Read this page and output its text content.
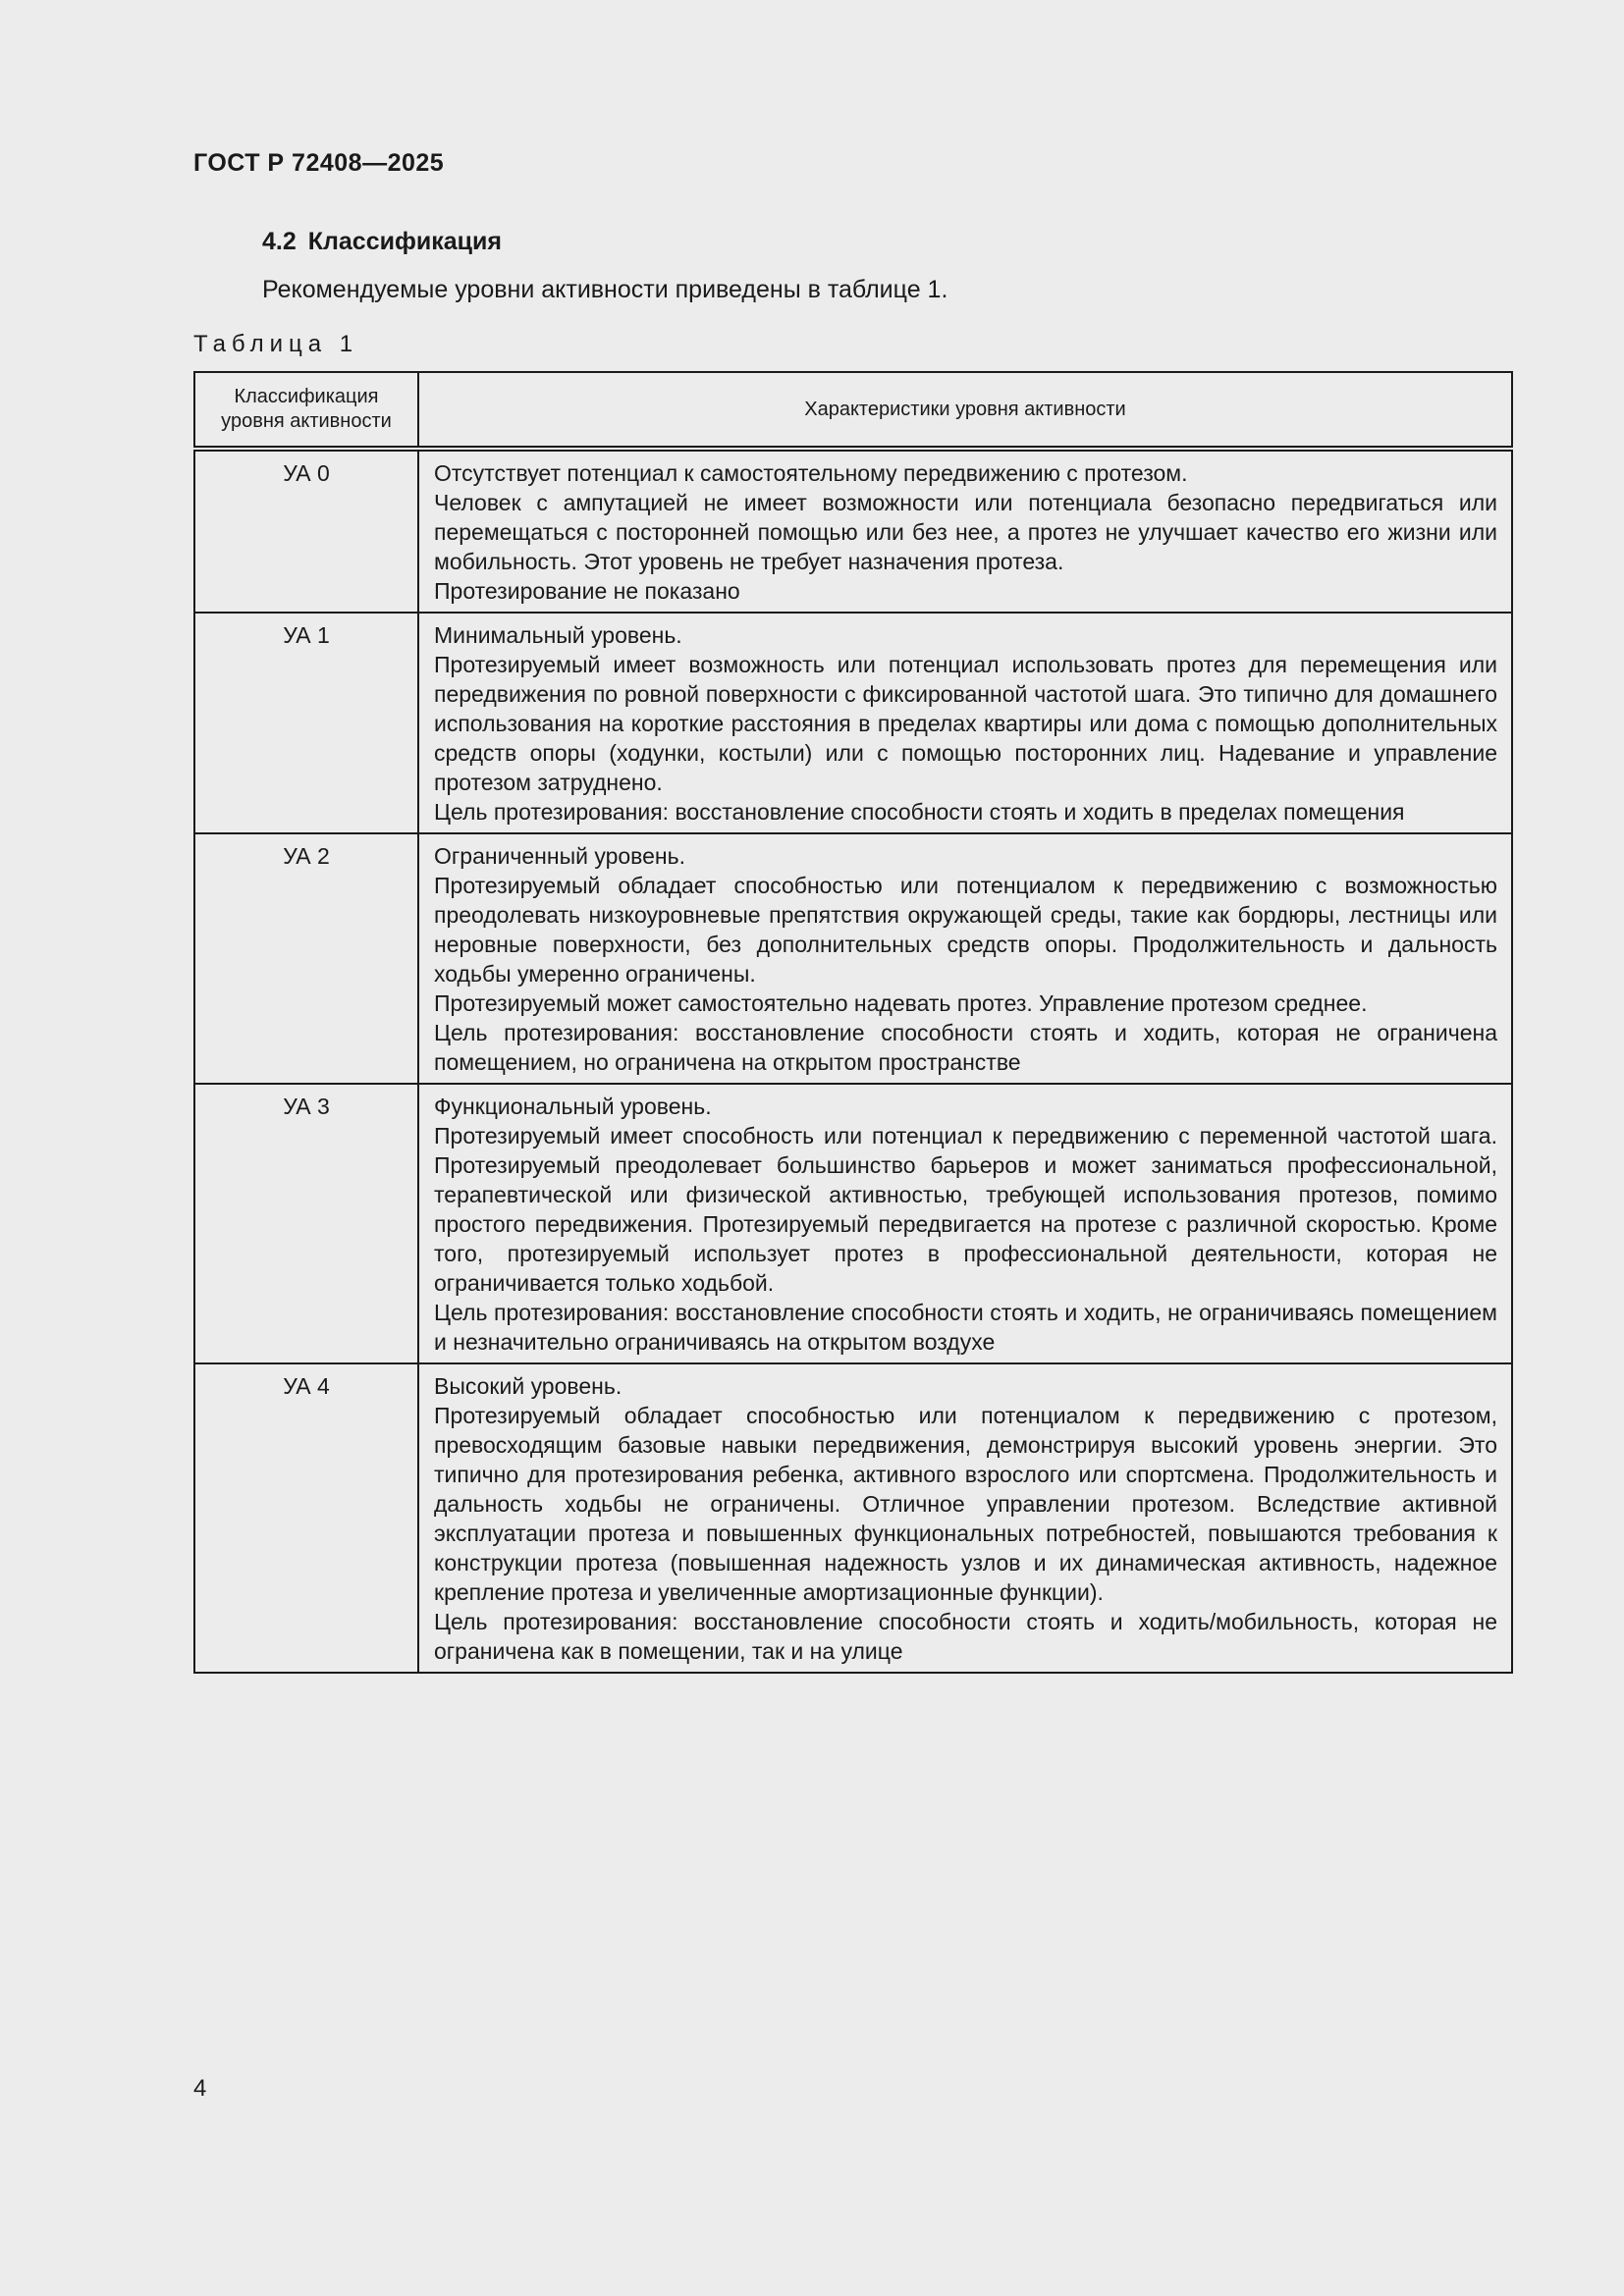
ГОСТ Р 72408—2025
4.2 Классификация
Рекомендуемые уровни активности приведены в таблице 1.
Таблица 1
Классификация уровня активности	Характеристики уровня активности
УА 0	Отсутствует потенциал к самостоятельному передвижению с протезом.

Человек с ампутацией не имеет возможности или потенциала безопасно передвигаться или перемещаться с посторонней помощью или без нее, а протез не улучшает качество его жизни или мобильность. Этот уровень не требует назначения протеза.

Протезирование не показано

УА 1	Минимальный уровень.

Протезируемый имеет возможность или потенциал использовать протез для перемещения или передвижения по ровной поверхности с фиксированной частотой шага. Это типично для домашнего использования на короткие расстояния в пределах квартиры или дома с помощью дополнительных средств опоры (ходунки, костыли) или с помощью посторонних лиц. Надевание и управление протезом затруднено.

Цель протезирования: восстановление способности стоять и ходить в пределах помещения

УА 2	Ограниченный уровень.

Протезируемый обладает способностью или потенциалом к передвижению с возможностью преодолевать низкоуровневые препятствия окружающей среды, такие как бордюры, лестницы или неровные поверхности, без дополнительных средств опоры. Продолжительность и дальность ходьбы умеренно ограничены.

Протезируемый может самостоятельно надевать протез. Управление протезом среднее.

Цель протезирования: восстановление способности стоять и ходить, которая не ограничена помещением, но ограничена на открытом пространстве

УА 3	Функциональный уровень.

Протезируемый имеет способность или потенциал к передвижению с переменной частотой шага. Протезируемый преодолевает большинство барьеров и может заниматься профессиональной, терапевтической или физической активностью, требующей использования протезов, помимо простого передвижения. Протезируемый передвигается на протезе с различной скоростью. Кроме того, протезируемый использует протез в профессиональной деятельности, которая не ограничивается только ходьбой.

Цель протезирования: восстановление способности стоять и ходить, не ограничиваясь помещением и незначительно ограничиваясь на открытом воздухе

УА 4	Высокий уровень.

Протезируемый обладает способностью или потенциалом к передвижению с протезом, превосходящим базовые навыки передвижения, демонстрируя высокий уровень энергии. Это типично для протезирования ребенка, активного взрослого или спортсмена. Продолжительность и дальность ходьбы не ограничены. Отличное управлении протезом. Вследствие активной эксплуатации протеза и повышенных функциональных потребностей, повышаются требования к конструкции протеза (повышенная надежность узлов и их динамическая активность, надежное крепление протеза и увеличенные амортизационные функции).

Цель протезирования: восстановление способности стоять и ходить/мобильность, которая не ограничена как в помещении, так и на улице

4
